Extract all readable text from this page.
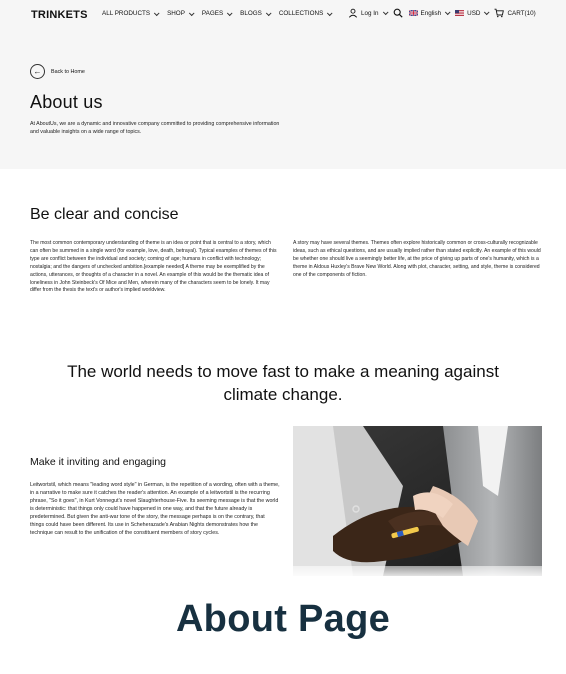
TRINKETS ALL PRODUCTS	SHOP	PAGES	BLOGS	COLLECTIONS	Log In	English	USD	CART(10)
←	Back to Home
About us

At AboutUs, we are a dynamic and innovative company committed to providing comprehensive information and valuable insights on a wide range of topics.

Be clear and concise

The most common contemporary understanding of theme is an idea or point that is central to a story, which can often be summed in a single word (for example, love, death, betrayal). Typical examples of themes of this type are conflict between the individual and society; coming of age; humans in conflict with technology; nostalgia; and the dangers of unchecked ambition.[example needed] A theme may be exemplified by the actions, utterances, or thoughts of a character in a novel. An example of this would be the thematic idea of loneliness in John Steinbeck's Of Mice and Men, wherein many of the characters seem to be lonely. It may differ from the thesis the text's or author's implied worldview.

A story may have several themes. Themes often explore historically common or cross-culturally recognizable ideas, such as ethical questions, and are usually implied rather than stated explicitly. An example of this would be whether one should live a seemingly better life, at the price of giving up parts of one's humanity, which is a theme in Aldous Huxley's Brave New World. Along with plot, character, setting, and style, theme is considered one of the components of fiction.

The world needs to move fast to make a meaning against climate change.
Make it inviting and engaging

Leitwortstil, which means "leading word style" in German, is the repetition of a wording, often with a theme, in a narrative to make sure it catches the reader's attention. An example of a leitwortstil is the recurring phrase, "So it goes", in Kurt Vonnegut's novel Slaughterhouse-Five. Its seeming message is that the world is deterministic: that things only could have happened in one way, and that the future already is predetermined. But given the anti-war tone of the story, the message perhaps is on the contrary, that things could have been different. Its use in Scheherazade's Arabian Nights demonstrates how the technique can result to the unification of the constituent members of story cycles.

About Page
